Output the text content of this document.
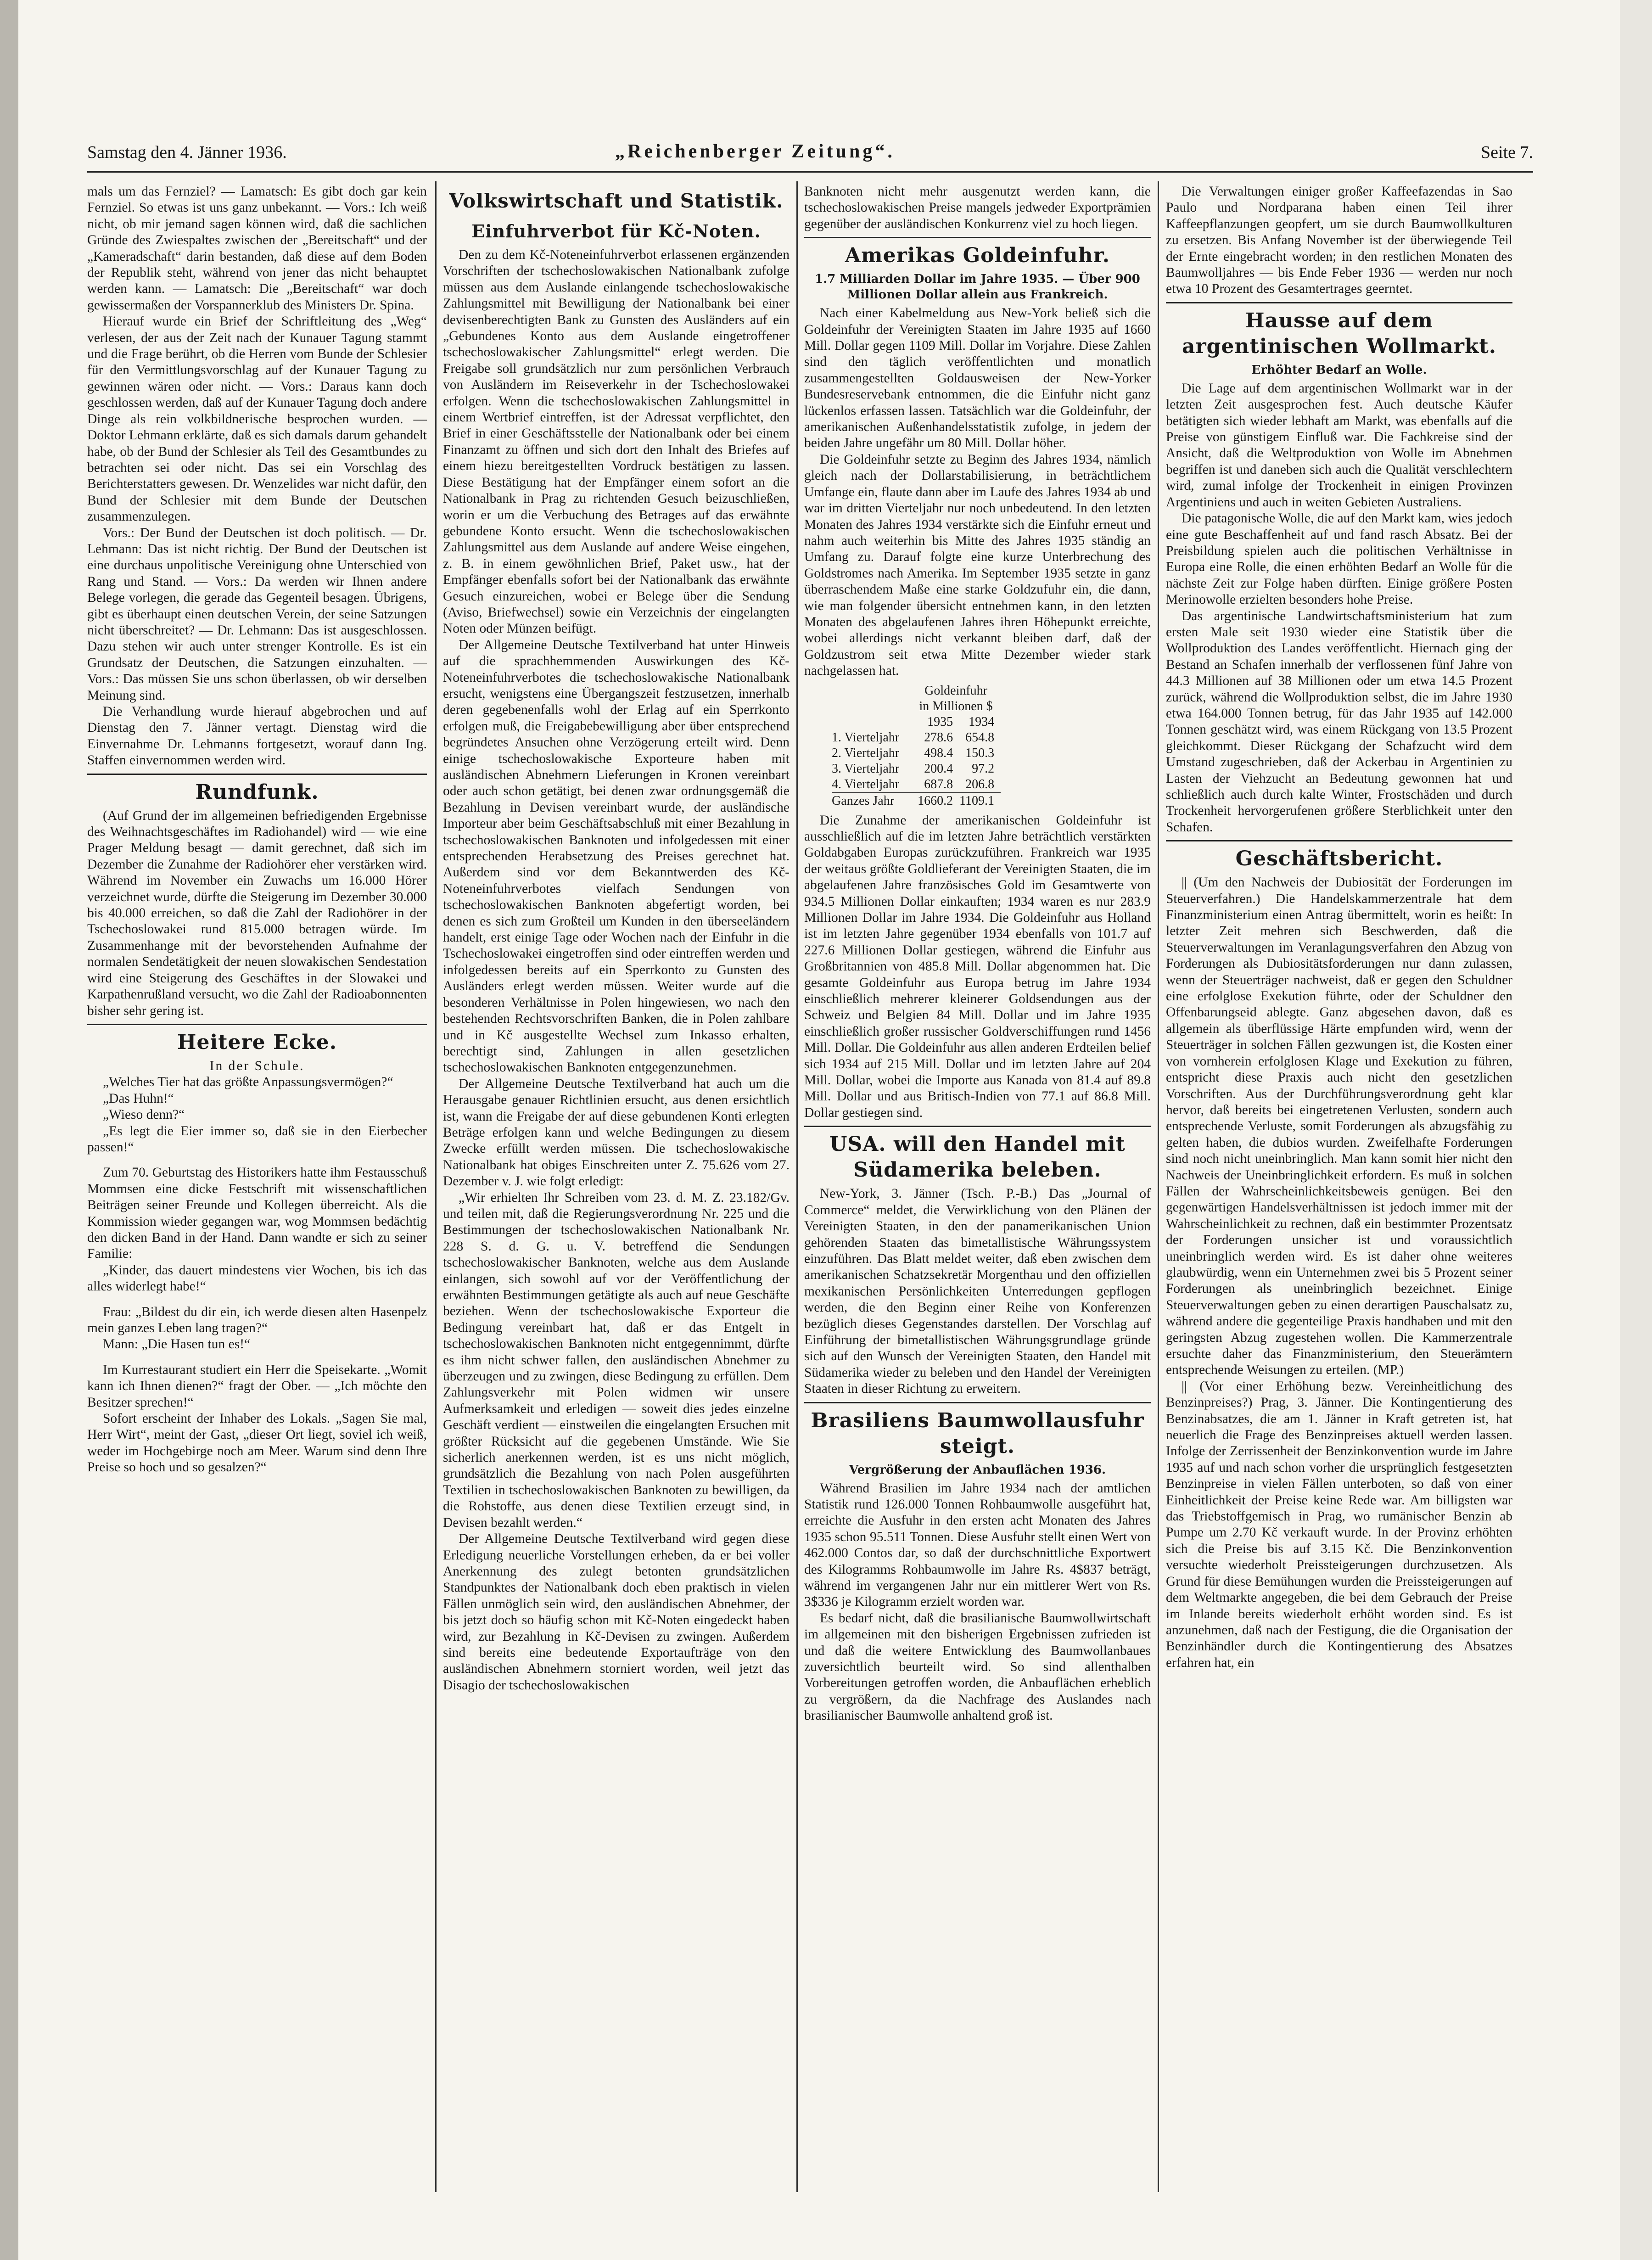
Samstag den 4. Jänner 1936.	„Reichenberger Zeitung“.	Seite 7.

mals um das Fernziel? — Lamatsch: Es gibt doch gar kein Fernziel. So etwas ist uns ganz unbekannt. — Vors.: Ich weiß nicht, ob mir jemand sagen können wird, daß die sachlichen Gründe des Zwiespaltes zwischen der „Bereitschaft“ und der „Kameradschaft“ darin bestanden, daß diese auf dem Boden der Republik steht, während von jener das nicht behauptet werden kann. — Lamatsch: Die „Bereitschaft“ war doch gewissermaßen der Vorspannerklub des Ministers Dr. Spina.

Hierauf wurde ein Brief der Schriftleitung des „Weg“ verlesen, der aus der Zeit nach der Kunauer Tagung stammt und die Frage berührt, ob die Herren vom Bunde der Schlesier für den Vermittlungsvorschlag auf der Kunauer Tagung zu gewinnen wären oder nicht. — Vors.: Daraus kann doch geschlossen werden, daß auf der Kunauer Tagung doch andere Dinge als rein volkbildnerische besprochen wurden. — Doktor Lehmann erklärte, daß es sich damals darum gehandelt habe, ob der Bund der Schlesier als Teil des Gesamtbundes zu betrachten sei oder nicht. Das sei ein Vorschlag des Berichterstatters gewesen. Dr. Wenzelides war nicht dafür, den Bund der Schlesier mit dem Bunde der Deutschen zusammenzulegen.

Vors.: Der Bund der Deutschen ist doch politisch. — Dr. Lehmann: Das ist nicht richtig. Der Bund der Deutschen ist eine durchaus unpolitische Vereinigung ohne Unterschied von Rang und Stand. — Vors.: Da werden wir Ihnen andere Belege vorlegen, die gerade das Gegenteil besagen. Übrigens, gibt es überhaupt einen deutschen Verein, der seine Satzungen nicht überschreitet? — Dr. Lehmann: Das ist ausgeschlossen. Dazu stehen wir auch unter strenger Kontrolle. Es ist ein Grundsatz der Deutschen, die Satzungen einzuhalten. — Vors.: Das müssen Sie uns schon überlassen, ob wir derselben Meinung sind.

Die Verhandlung wurde hierauf abgebrochen und auf Dienstag den 7. Jänner vertagt. Dienstag wird die Einvernahme Dr. Lehmanns fortgesetzt, worauf dann Ing. Staffen einvernommen werden wird.

Rundfunk.

(Auf Grund der im allgemeinen befriedigenden Ergebnisse des Weihnachtsgeschäftes im Radiohandel) wird — wie eine Prager Meldung besagt — damit gerechnet, daß sich im Dezember die Zunahme der Radiohörer eher verstärken wird. Während im November ein Zuwachs um 16.000 Hörer verzeichnet wurde, dürfte die Steigerung im Dezember 30.000 bis 40.000 erreichen, so daß die Zahl der Radiohörer in der Tschechoslowakei rund 815.000 betragen würde. Im Zusammenhange mit der bevorstehenden Aufnahme der normalen Sendetätigkeit der neuen slowakischen Sendestation wird eine Steigerung des Geschäftes in der Slowakei und Karpathenrußland versucht, wo die Zahl der Radioabonnenten bisher sehr gering ist.

Heitere Ecke.

In der Schule.

„Welches Tier hat das größte Anpassungsvermögen?“

„Das Huhn!“

„Wieso denn?“

„Es legt die Eier immer so, daß sie in den Eierbecher passen!“

Zum 70. Geburtstag des Historikers hatte ihm Festausschuß Mommsen eine dicke Festschrift mit wissenschaftlichen Beiträgen seiner Freunde und Kollegen überreicht. Als die Kommission wieder gegangen war, wog Mommsen bedächtig den dicken Band in der Hand. Dann wandte er sich zu seiner Familie:

„Kinder, das dauert mindestens vier Wochen, bis ich das alles widerlegt habe!“

Frau: „Bildest du dir ein, ich werde diesen alten Hasenpelz mein ganzes Leben lang tragen?“

Mann: „Die Hasen tun es!“

Im Kurrestaurant studiert ein Herr die Speisekarte. „Womit kann ich Ihnen dienen?“ fragt der Ober. — „Ich möchte den Besitzer sprechen!“

Sofort erscheint der Inhaber des Lokals. „Sagen Sie mal, Herr Wirt“, meint der Gast, „dieser Ort liegt, soviel ich weiß, weder im Hochgebirge noch am Meer. Warum sind denn Ihre Preise so hoch und so gesalzen?“

Volkswirtschaft und Statistik.
Einfuhrverbot für Kč-Noten.

Den zu dem Kč-Noteneinfuhrverbot erlassenen ergänzenden Vorschriften der tschechoslowakischen Nationalbank zufolge müssen aus dem Auslande einlangende tschechoslowakische Zahlungsmittel mit Bewilligung der Nationalbank bei einer devisenberechtigten Bank zu Gunsten des Ausländers auf ein „Gebundenes Konto aus dem Auslande eingetroffener tschechoslowakischer Zahlungsmittel“ erlegt werden. Die Freigabe soll grundsätzlich nur zum persönlichen Verbrauch von Ausländern im Reiseverkehr in der Tschechoslowakei erfolgen. Wenn die tschechoslowakischen Zahlungsmittel in einem Wertbrief eintreffen, ist der Adressat verpflichtet, den Brief in einer Geschäftsstelle der Nationalbank oder bei einem Finanzamt zu öffnen und sich dort den Inhalt des Briefes auf einem hiezu bereitgestellten Vordruck bestätigen zu lassen. Diese Bestätigung hat der Empfänger einem sofort an die Nationalbank in Prag zu richtenden Gesuch beizuschließen, worin er um die Verbuchung des Betrages auf das erwähnte gebundene Konto ersucht. Wenn die tschechoslowakischen Zahlungsmittel aus dem Auslande auf andere Weise eingehen, z. B. in einem gewöhnlichen Brief, Paket usw., hat der Empfänger ebenfalls sofort bei der Nationalbank das erwähnte Gesuch einzureichen, wobei er Belege über die Sendung (Aviso, Briefwechsel) sowie ein Verzeichnis der eingelangten Noten oder Münzen beifügt.

Der Allgemeine Deutsche Textilverband hat unter Hinweis auf die sprachhemmenden Auswirkungen des Kč-Noteneinfuhrverbotes die tschechoslowakische Nationalbank ersucht, wenigstens eine Übergangszeit festzusetzen, innerhalb deren gegebenenfalls wohl der Erlag auf ein Sperrkonto erfolgen muß, die Freigabebewilligung aber über entsprechend begründetes Ansuchen ohne Verzögerung erteilt wird. Denn einige tschechoslowakische Exporteure haben mit ausländischen Abnehmern Lieferungen in Kronen vereinbart oder auch schon getätigt, bei denen zwar ordnungsgemäß die Bezahlung in Devisen vereinbart wurde, der ausländische Importeur aber beim Geschäftsabschluß mit einer Bezahlung in tschechoslowakischen Banknoten und infolgedessen mit einer entsprechenden Herabsetzung des Preises gerechnet hat. Außerdem sind vor dem Bekanntwerden des Kč-Noteneinfuhrverbotes vielfach Sendungen von tschechoslowakischen Banknoten abgefertigt worden, bei denen es sich zum Großteil um Kunden in den überseeländern handelt, erst einige Tage oder Wochen nach der Einfuhr in die Tschechoslowakei eingetroffen sind oder eintreffen werden und infolgedessen bereits auf ein Sperrkonto zu Gunsten des Ausländers erlegt werden müssen. Weiter wurde auf die besonderen Verhältnisse in Polen hingewiesen, wo nach den bestehenden Rechtsvorschriften Banken, die in Polen zahlbare und in Kč ausgestellte Wechsel zum Inkasso erhalten, berechtigt sind, Zahlungen in allen gesetzlichen tschechoslowakischen Banknoten entgegenzunehmen.

Der Allgemeine Deutsche Textilverband hat auch um die Herausgabe genauer Richtlinien ersucht, aus denen ersichtlich ist, wann die Freigabe der auf diese gebundenen Konti erlegten Beträge erfolgen kann und welche Bedingungen zu diesem Zwecke erfüllt werden müssen. Die tschechoslowakische Nationalbank hat obiges Einschreiten unter Z. 75.626 vom 27. Dezember v. J. wie folgt erledigt:

„Wir erhielten Ihr Schreiben vom 23. d. M. Z. 23.182/Gv. und teilen mit, daß die Regierungsverordnung Nr. 225 und die Bestimmungen der tschechoslowakischen Nationalbank Nr. 228 S. d. G. u. V. betreffend die Sendungen tschechoslowakischer Banknoten, welche aus dem Auslande einlangen, sich sowohl auf vor der Veröffentlichung der erwähnten Bestimmungen getätigte als auch auf neue Geschäfte beziehen. Wenn der tschechoslowakische Exporteur die Bedingung vereinbart hat, daß er das Entgelt in tschechoslowakischen Banknoten nicht entgegennimmt, dürfte es ihm nicht schwer fallen, den ausländischen Abnehmer zu überzeugen und zu zwingen, diese Bedingung zu erfüllen. Dem Zahlungsverkehr mit Polen widmen wir unsere Aufmerksamkeit und erledigen — soweit dies jedes einzelne Geschäft verdient — einstweilen die eingelangten Ersuchen mit größter Rücksicht auf die gegebenen Umstände. Wie Sie sicherlich anerkennen werden, ist es uns nicht möglich, grundsätzlich die Bezahlung von nach Polen ausgeführten Textilien in tschechoslowakischen Banknoten zu bewilligen, da die Rohstoffe, aus denen diese Textilien erzeugt sind, in Devisen bezahlt werden.“

Der Allgemeine Deutsche Textilverband wird gegen diese Erledigung neuerliche Vorstellungen erheben, da er bei voller Anerkennung des zulegt betonten grundsätzlichen Standpunktes der Nationalbank doch eben praktisch in vielen Fällen unmöglich sein wird, den ausländischen Abnehmer, der bis jetzt doch so häufig schon mit Kč-Noten eingedeckt haben wird, zur Bezahlung in Kč-Devisen zu zwingen. Außerdem sind bereits eine bedeutende Exportaufträge von den ausländischen Abnehmern storniert worden, weil jetzt das Disagio der tschechoslowakischen

Banknoten nicht mehr ausgenutzt werden kann, die tschechoslowakischen Preise mangels jedweder Exportprämien gegenüber der ausländischen Konkurrenz viel zu hoch liegen.

Amerikas Goldeinfuhr.
1.7 Milliarden Dollar im Jahre 1935. — Über 900 Millionen Dollar allein aus Frankreich.

Nach einer Kabelmeldung aus New-York beließ sich die Goldeinfuhr der Vereinigten Staaten im Jahre 1935 auf 1660 Mill. Dollar gegen 1109 Mill. Dollar im Vorjahre. Diese Zahlen sind den täglich veröffentlichten und monatlich zusammengestellten Goldausweisen der New-Yorker Bundesreservebank entnommen, die die Einfuhr nicht ganz lückenlos erfassen lassen. Tatsächlich war die Goldeinfuhr, der amerikanischen Außenhandelsstatistik zufolge, in jedem der beiden Jahre ungefähr um 80 Mill. Dollar höher.

Die Goldeinfuhr setzte zu Beginn des Jahres 1934, nämlich gleich nach der Dollarstabilisierung, in beträchtlichem Umfange ein, flaute dann aber im Laufe des Jahres 1934 ab und war im dritten Vierteljahr nur noch unbedeutend. In den letzten Monaten des Jahres 1934 verstärkte sich die Einfuhr erneut und nahm auch weiterhin bis Mitte des Jahres 1935 ständig an Umfang zu. Darauf folgte eine kurze Unterbrechung des Goldstromes nach Amerika. Im September 1935 setzte in ganz überraschendem Maße eine starke Goldzufuhr ein, die dann, wie man folgender übersicht entnehmen kann, in den letzten Monaten des abgelaufenen Jahres ihren Höhepunkt erreichte, wobei allerdings nicht verkannt bleiben darf, daß der Goldzustrom seit etwa Mitte Dezember wieder stark nachgelassen hat.

	Goldeinfuhr	
	in Millionen $	
	1935	1934
1. Vierteljahr	278.6	654.8
2. Vierteljahr	498.4	150.3
3. Vierteljahr	200.4	97.2
4. Vierteljahr	687.8	206.8
Ganzes Jahr	1660.2	1109.1

Die Zunahme der amerikanischen Goldeinfuhr ist ausschließlich auf die im letzten Jahre beträchtlich verstärkten Goldabgaben Europas zurückzuführen. Frankreich war 1935 der weitaus größte Goldlieferant der Vereinigten Staaten, die im abgelaufenen Jahre französisches Gold im Gesamtwerte von 934.5 Millionen Dollar einkauften; 1934 waren es nur 283.9 Millionen Dollar im Jahre 1934. Die Goldeinfuhr aus Holland ist im letzten Jahre gegenüber 1934 ebenfalls von 101.7 auf 227.6 Millionen Dollar gestiegen, während die Einfuhr aus Großbritannien von 485.8 Mill. Dollar abgenommen hat. Die gesamte Goldeinfuhr aus Europa betrug im Jahre 1934 einschließlich mehrerer kleinerer Goldsendungen aus der Schweiz und Belgien 84 Mill. Dollar und im Jahre 1935 einschließlich großer russischer Goldverschiffungen rund 1456 Mill. Dollar. Die Goldeinfuhr aus allen anderen Erdteilen belief sich 1934 auf 215 Mill. Dollar und im letzten Jahre auf 204 Mill. Dollar, wobei die Importe aus Kanada von 81.4 auf 89.8 Mill. Dollar und aus Britisch-Indien von 77.1 auf 86.8 Mill. Dollar gestiegen sind.

USA. will den Handel mit Südamerika beleben.

New-York, 3. Jänner (Tsch. P.-B.) Das „Journal of Commerce“ meldet, die Verwirklichung von den Plänen der Vereinigten Staaten, in den der panamerikanischen Union gehörenden Staaten das bimetallistische Währungssystem einzuführen. Das Blatt meldet weiter, daß eben zwischen dem amerikanischen Schatzsekretär Morgenthau und den offiziellen mexikanischen Persönlichkeiten Unterredungen gepflogen werden, die den Beginn einer Reihe von Konferenzen bezüglich dieses Gegenstandes darstellen. Der Vorschlag auf Einführung der bimetallistischen Währungsgrundlage gründe sich auf den Wunsch der Vereinigten Staaten, den Handel mit Südamerika wieder zu beleben und den Handel der Vereinigten Staaten in dieser Richtung zu erweitern.

Brasiliens Baumwollausfuhr steigt.
Vergrößerung der Anbauflächen 1936.

Während Brasilien im Jahre 1934 nach der amtlichen Statistik rund 126.000 Tonnen Rohbaumwolle ausgeführt hat, erreichte die Ausfuhr in den ersten acht Monaten des Jahres 1935 schon 95.511 Tonnen. Diese Ausfuhr stellt einen Wert von 462.000 Contos dar, so daß der durchschnittliche Exportwert des Kilogramms Rohbaumwolle im Jahre Rs. 4$837 beträgt, während im vergangenen Jahr nur ein mittlerer Wert von Rs. 3$336 je Kilogramm erzielt worden war.

Es bedarf nicht, daß die brasilianische Baumwollwirtschaft im allgemeinen mit den bisherigen Ergebnissen zufrieden ist und daß die weitere Entwicklung des Baumwollanbaues zuversichtlich beurteilt wird. So sind allenthalben Vorbereitungen getroffen worden, die Anbauflächen erheblich zu vergrößern, da die Nachfrage des Auslandes nach brasilianischer Baumwolle anhaltend groß ist.

Die Verwaltungen einiger großer Kaffeefazendas in Sao Paulo und Nordparana haben einen Teil ihrer Kaffeepflanzungen geopfert, um sie durch Baumwollkulturen zu ersetzen. Bis Anfang November ist der überwiegende Teil der Ernte eingebracht worden; in den restlichen Monaten des Baumwolljahres — bis Ende Feber 1936 — werden nur noch etwa 10 Prozent des Gesamtertrages geerntet.

Hausse auf dem argentinischen Wollmarkt.
Erhöhter Bedarf an Wolle.

Die Lage auf dem argentinischen Wollmarkt war in der letzten Zeit ausgesprochen fest. Auch deutsche Käufer betätigten sich wieder lebhaft am Markt, was ebenfalls auf die Preise von günstigem Einfluß war. Die Fachkreise sind der Ansicht, daß die Weltproduktion von Wolle im Abnehmen begriffen ist und daneben sich auch die Qualität verschlechtern wird, zumal infolge der Trockenheit in einigen Provinzen Argentiniens und auch in weiten Gebieten Australiens.

Die patagonische Wolle, die auf den Markt kam, wies jedoch eine gute Beschaffenheit auf und fand rasch Absatz. Bei der Preisbildung spielen auch die politischen Verhältnisse in Europa eine Rolle, die einen erhöhten Bedarf an Wolle für die nächste Zeit zur Folge haben dürften. Einige größere Posten Merinowolle erzielten besonders hohe Preise.

Das argentinische Landwirtschaftsministerium hat zum ersten Male seit 1930 wieder eine Statistik über die Wollproduktion des Landes veröffentlicht. Hiernach ging der Bestand an Schafen innerhalb der verflossenen fünf Jahre von 44.3 Millionen auf 38 Millionen oder um etwa 14.5 Prozent zurück, während die Wollproduktion selbst, die im Jahre 1930 etwa 164.000 Tonnen betrug, für das Jahr 1935 auf 142.000 Tonnen geschätzt wird, was einem Rückgang von 13.5 Prozent gleichkommt. Dieser Rückgang der Schafzucht wird dem Umstand zugeschrieben, daß der Ackerbau in Argentinien zu Lasten der Viehzucht an Bedeutung gewonnen hat und schließlich auch durch kalte Winter, Frostschäden und durch Trockenheit hervorgerufenen größere Sterblichkeit unter den Schafen.

Geschäftsbericht.

|| (Um den Nachweis der Dubiosität der Forderungen im Steuerverfahren.) Die Handelskammerzentrale hat dem Finanzministerium einen Antrag übermittelt, worin es heißt: In letzter Zeit mehren sich Beschwerden, daß die Steuerverwaltungen im Veranlagungsverfahren den Abzug von Forderungen als Dubiositätsforderungen nur dann zulassen, wenn der Steuerträger nachweist, daß er gegen den Schuldner eine erfolglose Exekution führte, oder der Schuldner den Offenbarungseid ablegte. Ganz abgesehen davon, daß es allgemein als überflüssige Härte empfunden wird, wenn der Steuerträger in solchen Fällen gezwungen ist, die Kosten einer von vornherein erfolglosen Klage und Exekution zu führen, entspricht diese Praxis auch nicht den gesetzlichen Vorschriften. Aus der Durchführungsverordnung geht klar hervor, daß bereits bei eingetretenen Verlusten, sondern auch entsprechende Verluste, somit Forderungen als abzugsfähig zu gelten haben, die dubios wurden. Zweifelhafte Forderungen sind noch nicht uneinbringlich. Man kann somit hier nicht den Nachweis der Uneinbringlichkeit erfordern. Es muß in solchen Fällen der Wahrscheinlichkeitsbeweis genügen. Bei den gegenwärtigen Handelsverhältnissen ist jedoch immer mit der Wahrscheinlichkeit zu rechnen, daß ein bestimmter Prozentsatz der Forderungen unsicher ist und voraussichtlich uneinbringlich werden wird. Es ist daher ohne weiteres glaubwürdig, wenn ein Unternehmen zwei bis 5 Prozent seiner Forderungen als uneinbringlich bezeichnet. Einige Steuerverwaltungen geben zu einen derartigen Pauschalsatz zu, während andere die gegenteilige Praxis handhaben und mit den geringsten Abzug zugestehen wollen. Die Kammerzentrale ersuchte daher das Finanzministerium, den Steuerämtern entsprechende Weisungen zu erteilen. (MP.)

|| (Vor einer Erhöhung bezw. Vereinheitlichung des Benzinpreises?) Prag, 3. Jänner. Die Kontingentierung des Benzinabsatzes, die am 1. Jänner in Kraft getreten ist, hat neuerlich die Frage des Benzinpreises aktuell werden lassen. Infolge der Zerrissenheit der Benzinkonvention wurde im Jahre 1935 auf und nach schon vorher die ursprünglich festgesetzten Benzinpreise in vielen Fällen unterboten, so daß von einer Einheitlichkeit der Preise keine Rede war. Am billigsten war das Triebstoffgemisch in Prag, wo rumänischer Benzin ab Pumpe um 2.70 Kč verkauft wurde. In der Provinz erhöhten sich die Preise bis auf 3.15 Kč. Die Benzinkonvention versuchte wiederholt Preissteigerungen durchzusetzen. Als Grund für diese Bemühungen wurden die Preissteigerungen auf dem Weltmarkte angegeben, die bei dem Gebrauch der Preise im Inlande bereits wiederholt erhöht worden sind. Es ist anzunehmen, daß nach der Festigung, die die Organisation der Benzinhändler durch die Kontingentierung des Absatzes erfahren hat, ein
